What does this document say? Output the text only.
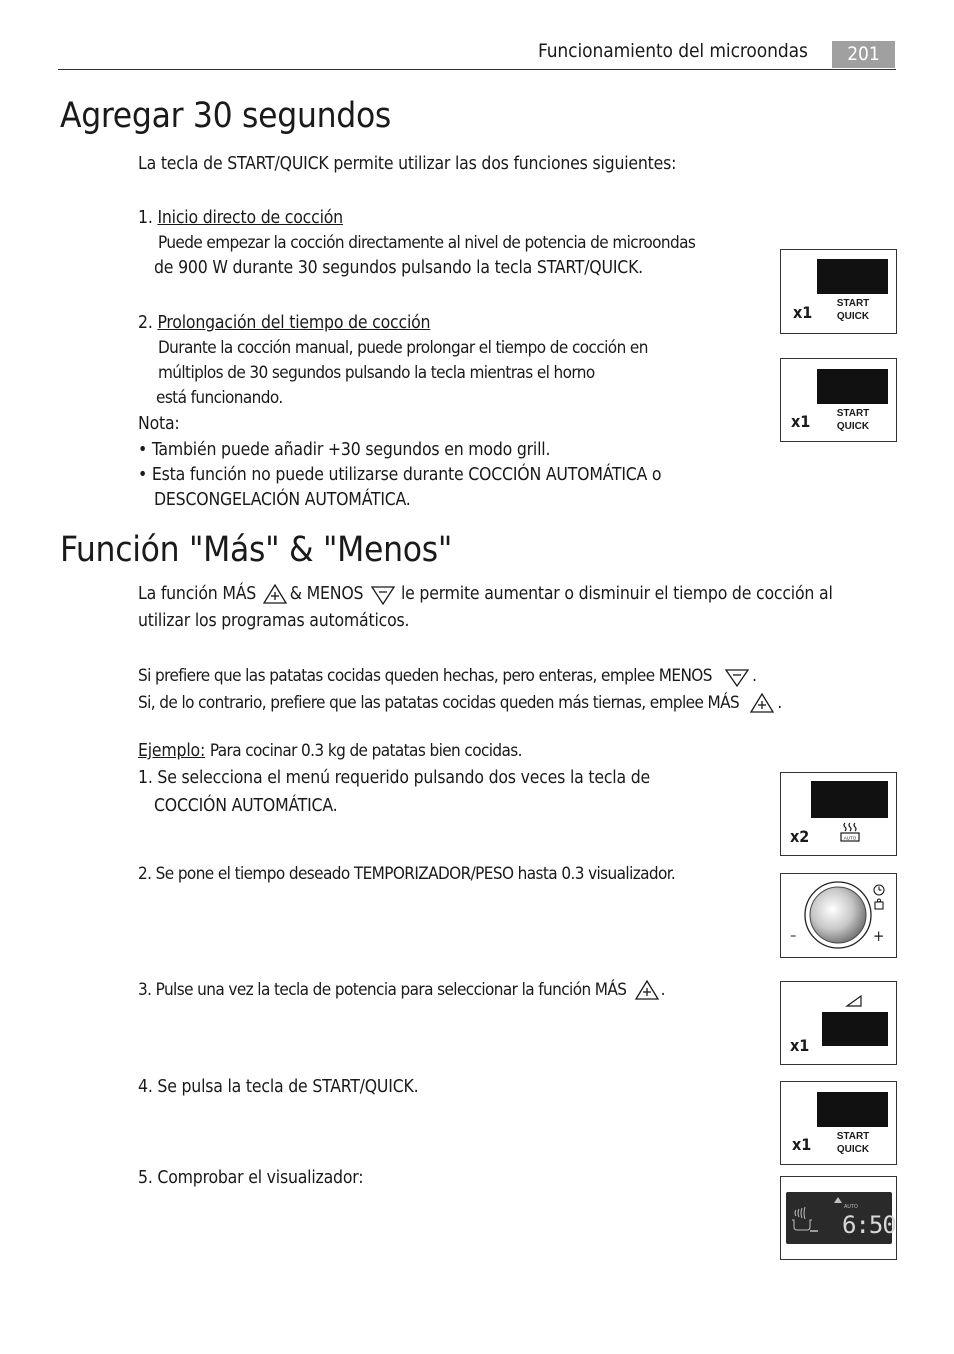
Funcionamiento del microondas	201
Agregar 30 segundos
La tecla de START/QUICK permite utilizar las dos funciones siguientes:
1. Inicio directo de cocción
Puede empezar la cocción directamente al nivel de potencia de microondas
de 900 W durante 30 segundos pulsando la tecla START/QUICK.
2. Prolongación del tiempo de cocción
Durante la cocción manual, puede prolongar el tiempo de cocción en
múltiplos de 30 segundos pulsando la tecla mientras el horno
está funcionando.
Nota:
• También puede añadir +30 segundos en modo grill.
• Esta función no puede utilizarse durante COCCIÓN AUTOMÁTICA o
DESCONGELACIÓN AUTOMÁTICA.
x1	START
QUICK
x1	START
QUICK
Función "Más" & "Menos"
La función MÁS & MENOS le permite aumentar o disminuir el tiempo de cocción al
utilizar los programas automáticos.
Si prefiere que las patatas cocidas queden hechas, pero enteras, emplee MENOS .
Si, de lo contrario, prefiere que las patatas cocidas queden más tiernas, emplee MÁS .
Ejemplo: Para cocinar 0.3 kg de patatas bien cocidas.
1. Se selecciona el menú requerido pulsando dos veces la tecla de
COCCIÓN AUTOMÁTICA.
2. Se pone el tiempo deseado TEMPORIZADOR/PESO hasta 0.3 visualizador.
3. Pulse una vez la tecla de potencia para seleccionar la función MÁS .
4. Se pulsa la tecla de START/QUICK.
5. Comprobar el visualizador:
x2	AUTO
–	+
x1
x1	START
QUICK
AUTO
6:50
